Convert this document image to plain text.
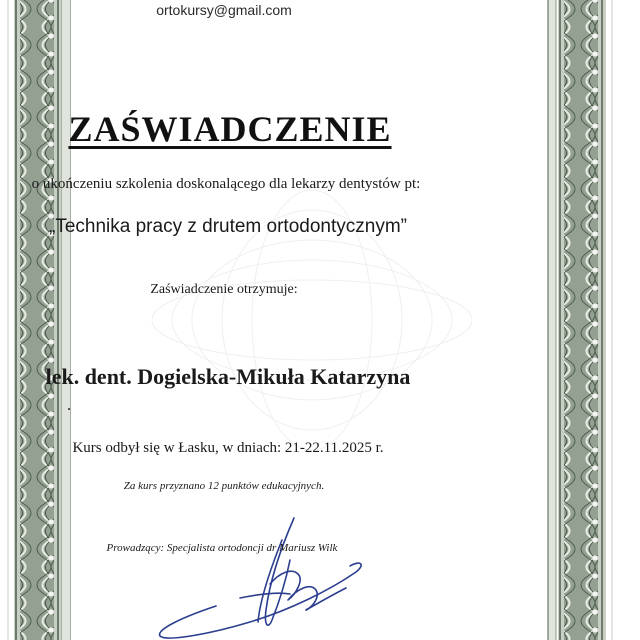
ortokursy@gmail.com
ZAŚWIADCZENIE
o ukończeniu szkolenia doskonalącego dla lekarzy dentystów pt:
„Technika pracy z drutem ortodontycznym”
Zaświadczenie otrzymuje:
lek. dent. Dogielska-Mikuła Katarzyna
Kurs odbył się w Łasku, w dniach: 21-22.11.2025 r.
Za kurs przyznano 12 punktów edukacyjnych.
Prowadzący: Specjalista ortodoncji dr Mariusz Wilk
